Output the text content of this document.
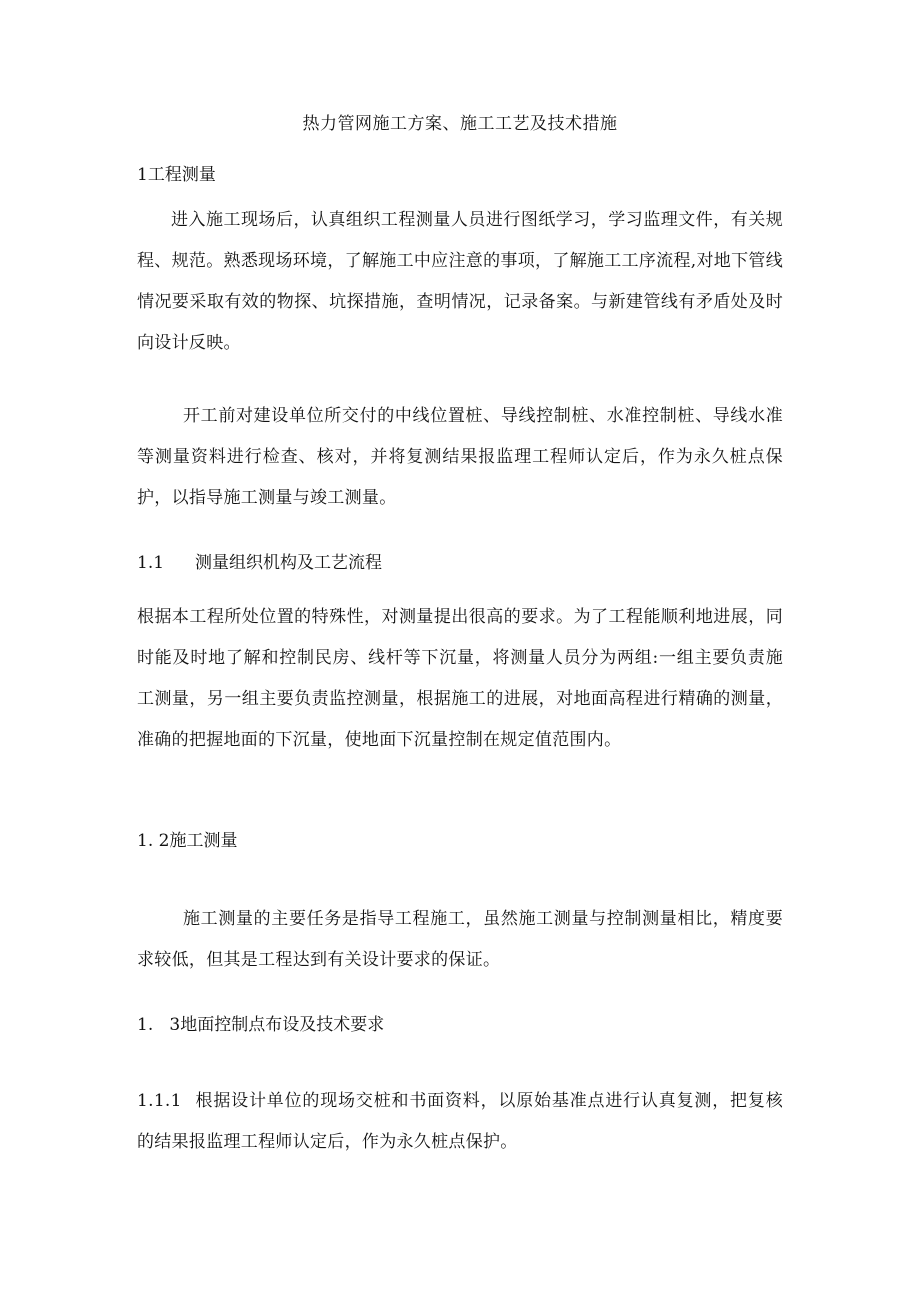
热力管网施工方案、施工工艺及技术措施
1工程测量
进入施工现场后，认真组织工程测量人员进行图纸学习，学习监理文件，有关规程、规范。熟悉现场环境，了解施工中应注意的事项，了解施工工序流程,对地下管线情况要采取有效的物探、坑探措施，查明情况，记录备案。与新建管线有矛盾处及时向设计反映。
开工前对建设单位所交付的中线位置桩、导线控制桩、水准控制桩、导线水准等测量资料进行检查、核对，并将复测结果报监理工程师认定后，作为永久桩点保护，以指导施工测量与竣工测量。
1.1 测量组织机构及工艺流程
根据本工程所处位置的特殊性，对测量提出很高的要求。为了工程能顺利地进展，同时能及时地了解和控制民房、线杆等下沉量，将测量人员分为两组:一组主要负责施工测量，另一组主要负责监控测量，根据施工的进展，对地面高程进行精确的测量，准确的把握地面的下沉量，使地面下沉量控制在规定值范围内。
1. 2施工测量
施工测量的主要任务是指导工程施工，虽然施工测量与控制测量相比，精度要求较低，但其是工程达到有关设计要求的保证。
1.   3地面控制点布设及技术要求
1.1.1 根据设计单位的现场交桩和书面资料，以原始基准点进行认真复测，把复核的结果报监理工程师认定后，作为永久桩点保护。
